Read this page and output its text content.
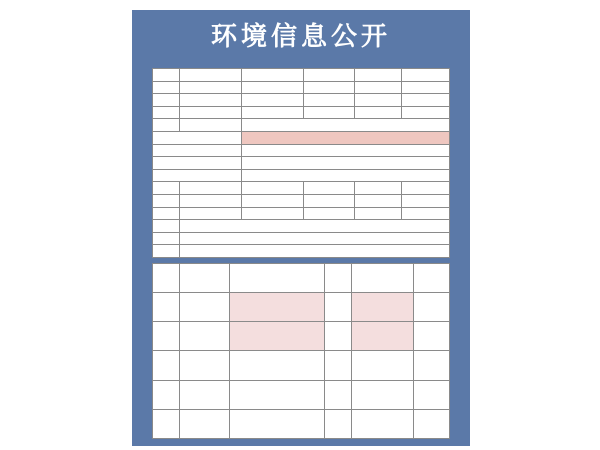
环境信息公开
